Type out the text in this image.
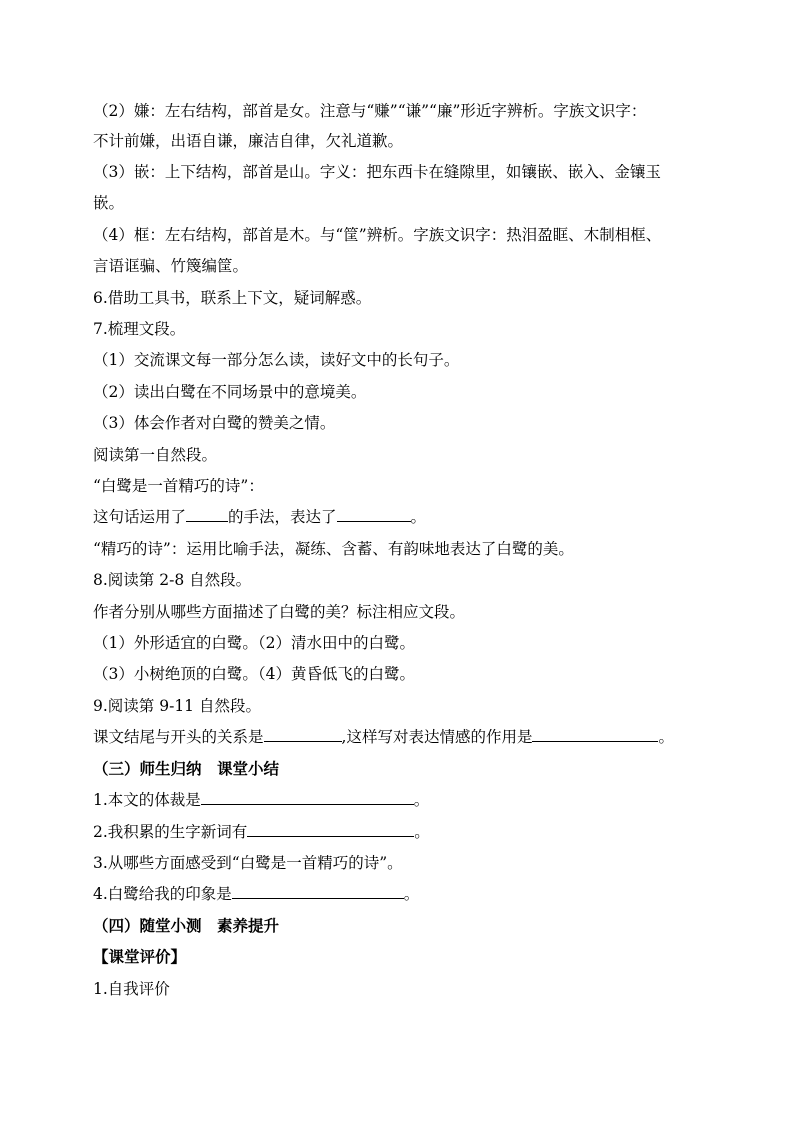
（2）嫌：左右结构，部首是女。注意与“赚”“谦”“廉”形近字辨析。字族文识字：
不计前嫌，出语自谦，廉洁自律，欠礼道歉。
（3）嵌：上下结构，部首是山。字义：把东西卡在缝隙里，如镶嵌、嵌入、金镶玉
嵌。
（4）框：左右结构，部首是木。与“筐”辨析。字族文识字：热泪盈眶、木制相框、
言语诓骗、竹篾编筐。
6.借助工具书，联系上下文，疑词解惑。
7.梳理文段。
（1）交流课文每一部分怎么读，读好文中的长句子。
（2）读出白鹭在不同场景中的意境美。
（3）体会作者对白鹭的赞美之情。
阅读第一自然段。
“白鹭是一首精巧的诗”：
这句话运用了	的手法，表达了	。
“精巧的诗”：运用比喻手法，凝练、含蓄、有韵味地表达了白鹭的美。
8.阅读第 2-8 自然段。
作者分别从哪些方面描述了白鹭的美？标注相应文段。
（1）外形适宜的白鹭。（2）清水田中的白鹭。
（3）小树绝顶的白鹭。（4）黄昏低飞的白鹭。
9.阅读第 9-11 自然段。
课文结尾与开头的关系是	,这样写对表达情感的作用是	。
（三）师生归纳　课堂小结
1.本文的体裁是	。
2.我积累的生字新词有	。
3.从哪些方面感受到“白鹭是一首精巧的诗”。
4.白鹭给我的印象是	。
（四）随堂小测　素养提升
【课堂评价】
1.自我评价
